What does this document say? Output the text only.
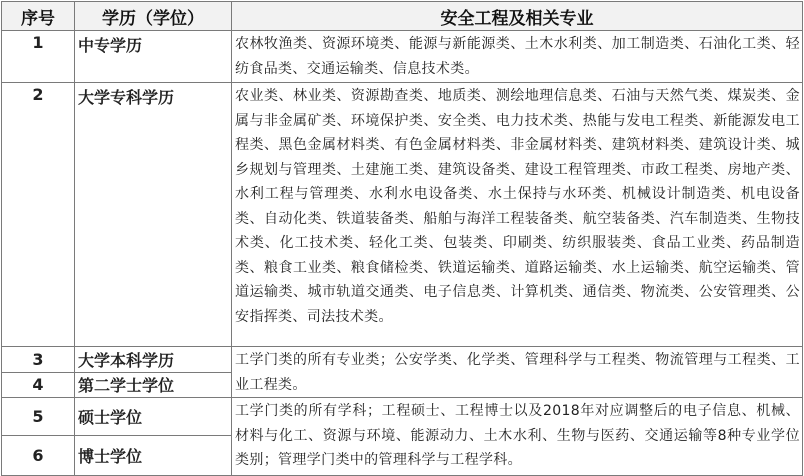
序号	学历（学位）	安全工程及相关专业
1	中专学历	农林牧渔类、资源环境类、能源与新能源类、土木水利类、加工制造类、石油化工类、轻纺食品类、交通运输类、信息技术类。
2	大学专科学历	农业类、林业类、资源勘查类、地质类、测绘地理信息类、石油与天然气类、煤炭类、金属与非金属矿类、环境保护类、安全类、电力技术类、热能与发电工程类、新能源发电工程类、黑色金属材料类、有色金属材料类、非金属材料类、建筑材料类、建筑设计类、城乡规划与管理类、土建施工类、建筑设备类、建设工程管理类、市政工程类、房地产类、水利工程与管理类、水利水电设备类、水土保持与水环类、机械设计制造类、机电设备类、自动化类、铁道装备类、船舶与海洋工程装备类、航空装备类、汽车制造类、生物技术类、化工技术类、轻化工类、包装类、印刷类、纺织服装类、食品工业类、药品制造类、粮食工业类、粮食储检类、铁道运输类、道路运输类、水上运输类、航空运输类、管道运输类、城市轨道交通类、电子信息类、计算机类、通信类、物流类、公安管理类、公安指挥类、司法技术类。
3	大学本科学历	工学门类的所有专业类；公安学类、化学类、管理科学与工程类、物流管理与工程类、工业工程类。
4	第二学士学位	
5	硕士学位	工学门类的所有学科；工程硕士、工程博士以及2018年对应调整后的电子信息、机械、材料与化工、资源与环境、能源动力、土木水利、生物与医药、交通运输等8种专业学位类别；管理学门类中的管理科学与工程学科。
6	博士学位	
